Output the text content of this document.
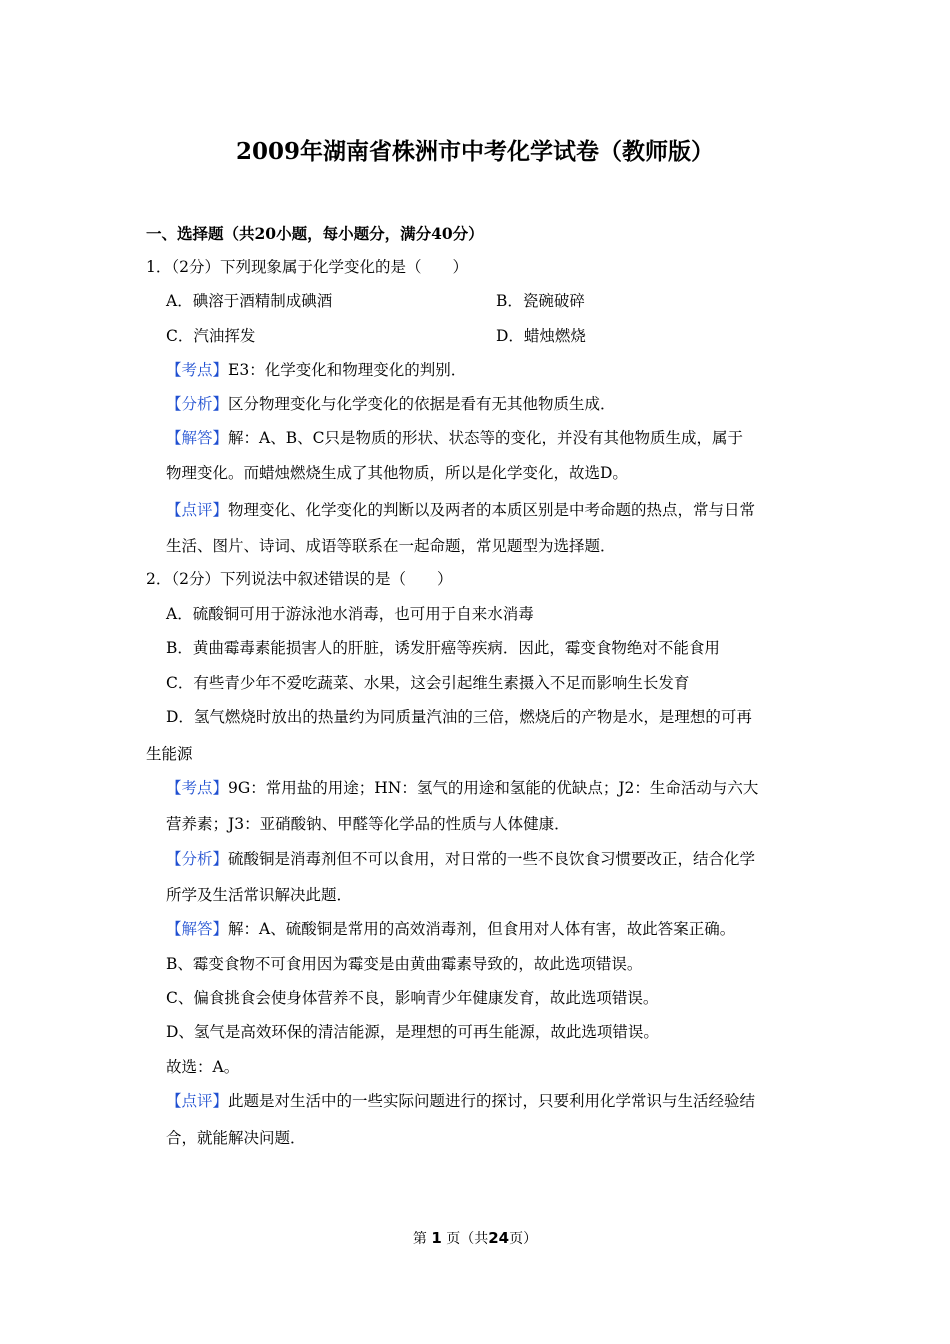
2009年湖南省株洲市中考化学试卷（教师版）
一、选择题（共20小题，每小题分，满分40分）
1．（2分）下列现象属于化学变化的是（　　）
A．碘溶于酒精制成碘酒	B．瓷碗破碎
C．汽油挥发	D．蜡烛燃烧
【考点】E3：化学变化和物理变化的判别．
【分析】区分物理变化与化学变化的依据是看有无其他物质生成．
【解答】解：A、B、C只是物质的形状、状态等的变化，并没有其他物质生成，属于
物理变化。而蜡烛燃烧生成了其他物质，所以是化学变化，故选D。
【点评】物理变化、化学变化的判断以及两者的本质区别是中考命题的热点，常与日常
生活、图片、诗词、成语等联系在一起命题，常见题型为选择题．
2．（2分）下列说法中叙述错误的是（　　）
A．硫酸铜可用于游泳池水消毒，也可用于自来水消毒
B．黄曲霉毒素能损害人的肝脏，诱发肝癌等疾病．因此，霉变食物绝对不能食用
C．有些青少年不爱吃蔬菜、水果，这会引起维生素摄入不足而影响生长发育
D．氢气燃烧时放出的热量约为同质量汽油的三倍，燃烧后的产物是水，是理想的可再
生能源
【考点】9G：常用盐的用途；HN：氢气的用途和氢能的优缺点；J2：生命活动与六大
营养素；J3：亚硝酸钠、甲醛等化学品的性质与人体健康．
【分析】硫酸铜是消毒剂但不可以食用，对日常的一些不良饮食习惯要改正，结合化学
所学及生活常识解决此题．
【解答】解：A、硫酸铜是常用的高效消毒剂，但食用对人体有害，故此答案正确。
B、霉变食物不可食用因为霉变是由黄曲霉素导致的，故此选项错误。
C、偏食挑食会使身体营养不良，影响青少年健康发育，故此选项错误。
D、氢气是高效环保的清洁能源，是理想的可再生能源，故此选项错误。
故选：A。
【点评】此题是对生活中的一些实际问题进行的探讨，只要利用化学常识与生活经验结
合，就能解决问题．
第 1 页（共24页）
